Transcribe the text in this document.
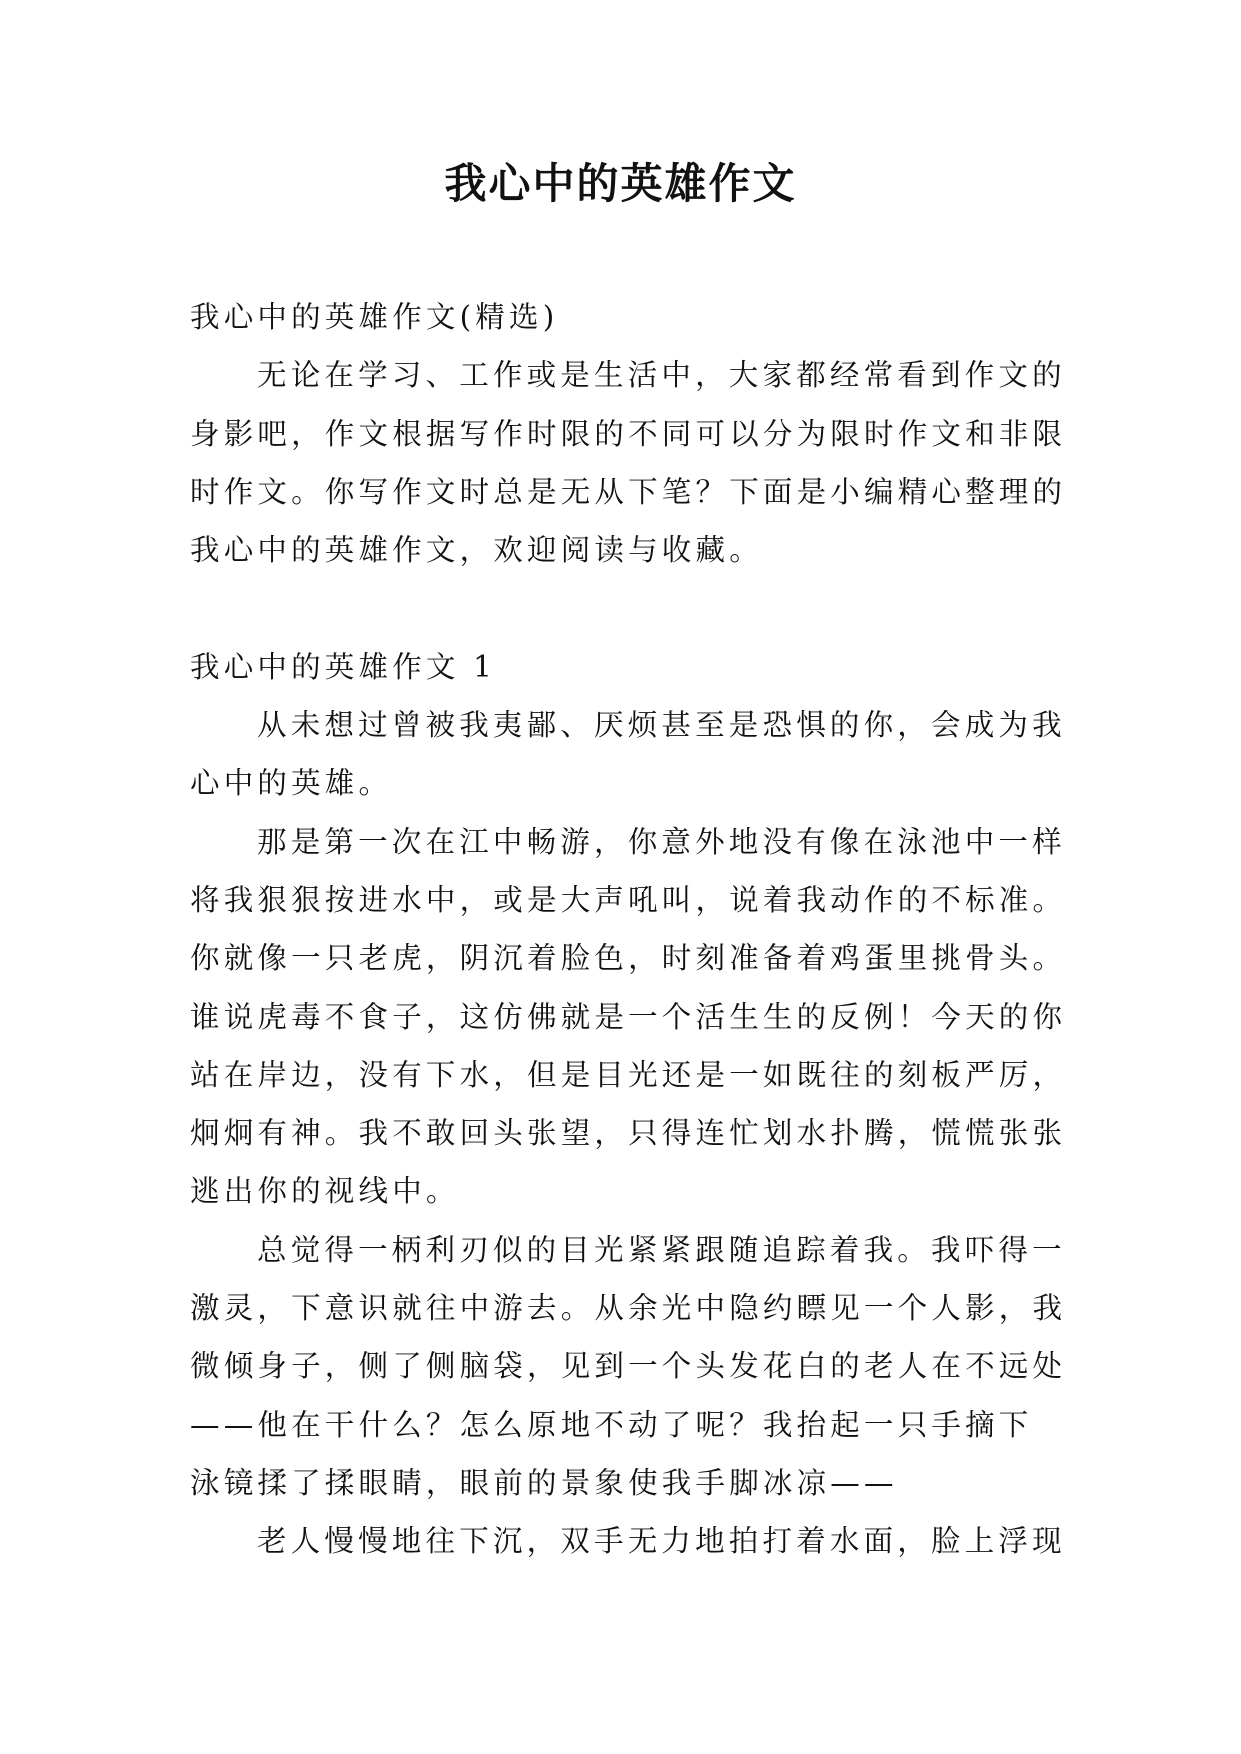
我心中的英雄作文
我心中的英雄作文(精选)
无论在学习、工作或是生活中，大家都经常看到作文的
身影吧，作文根据写作时限的不同可以分为限时作文和非限
时作文。你写作文时总是无从下笔？下面是小编精心整理的
我心中的英雄作文，欢迎阅读与收藏。
我心中的英雄作文 1
从未想过曾被我夷鄙、厌烦甚至是恐惧的你，会成为我
心中的英雄。
那是第一次在江中畅游，你意外地没有像在泳池中一样
将我狠狠按进水中，或是大声吼叫，说着我动作的不标准。
你就像一只老虎，阴沉着脸色，时刻准备着鸡蛋里挑骨头。
谁说虎毒不食子，这仿佛就是一个活生生的反例！今天的你
站在岸边，没有下水，但是目光还是一如既往的刻板严厉，
炯炯有神。我不敢回头张望，只得连忙划水扑腾，慌慌张张
逃出你的视线中。
总觉得一柄利刃似的目光紧紧跟随追踪着我。我吓得一
激灵，下意识就往中游去。从余光中隐约瞟见一个人影，我
微倾身子，侧了侧脑袋，见到一个头发花白的老人在不远处
——他在干什么？怎么原地不动了呢？我抬起一只手摘下
泳镜揉了揉眼睛，眼前的景象使我手脚冰凉——
老人慢慢地往下沉，双手无力地拍打着水面，脸上浮现
